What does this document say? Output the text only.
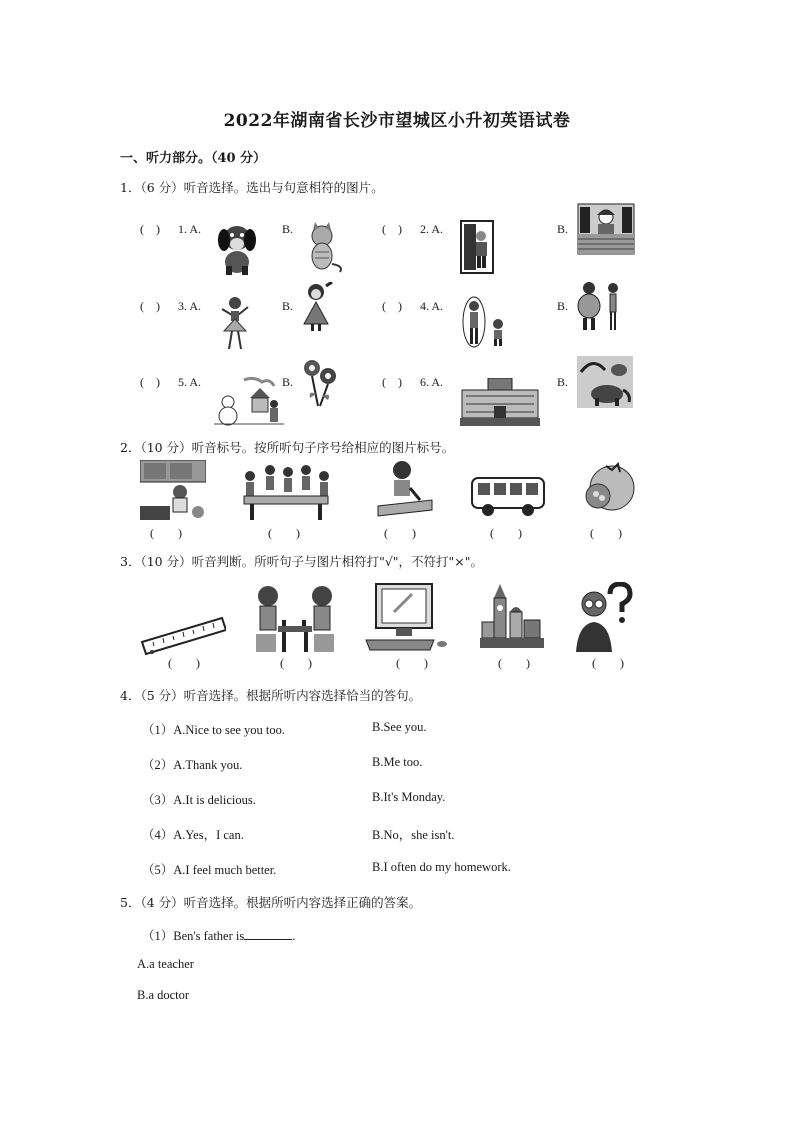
2022年湖南省长沙市望城区小升初英语试卷
一、听力部分。（40 分）
1．（6 分）听音选择。选出与句意相符的图片。
(    ) 1. A.	B.	(    ) 2. A.	B.
(    ) 3. A.	B.	(    ) 4. A.	B.
(    ) 5. A.	B.	(    ) 6. A.	B.
2．（10 分）听音标号。按所听句子序号给相应的图片标号。
(        )	(        )	(        )	(        )	(        )
3．（10 分）听音判断。所听句子与图片相符打"√"，不符打"×"。
(        )	(        )	(        )	(        )	(        )
4．（5 分）听音选择。根据所听内容选择恰当的答句。
（1）A.Nice to see you too.	B.See you.
（2）A.Thank you.	B.Me too.
（3）A.It is delicious.	B.It's Monday.
（4）A.Yes，I can.	B.No，she isn't.
（5）A.I feel much better.	B.I often do my homework.
5．（4 分）听音选择。根据所听内容选择正确的答案。
（1）Ben's father is	.
A.a teacher
B.a doctor
